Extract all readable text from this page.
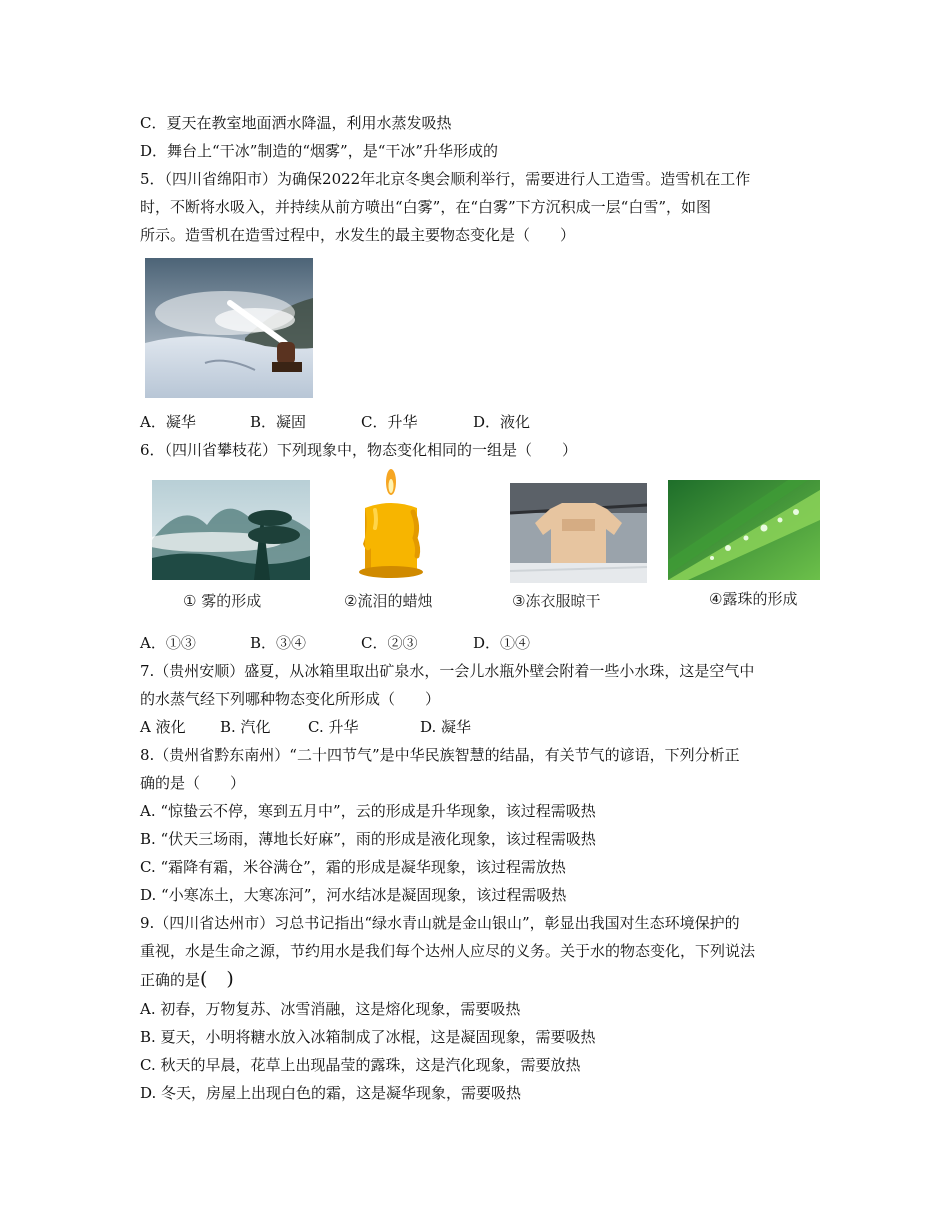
C．夏天在教室地面洒水降温，利用水蒸发吸热
D．舞台上“干冰”制造的“烟雾”，是“干冰”升华形成的
5．（四川省绵阳市）为确保2022年北京冬奥会顺利举行，需要进行人工造雪。造雪机在工作
时，不断将水吸入，并持续从前方喷出“白雾”，在“白雾”下方沉积成一层“白雪”，如图
所示。造雪机在造雪过程中，水发生的最主要物态变化是（　　）
A．凝华	B．凝固	C．升华	D．液化
6．（四川省攀枝花）下列现象中，物态变化相同的一组是（　　）
① 雾的形成	②流泪的蜡烛	③冻衣服晾干	④露珠的形成
A．①③	B．③④	C．②③	D．①④
7.（贵州安顺）盛夏，从冰箱里取出矿泉水，一会儿水瓶外壁会附着一些小水珠，这是空气中
的水蒸气经下列哪种物态变化所形成（　　）
A 液化 B. 汽化 C. 升华	D. 凝华
8.（贵州省黔东南州）“二十四节气”是中华民族智慧的结晶，有关节气的谚语，下列分析正
确的是（　　）
A. “惊蛰云不停，寒到五月中”，云的形成是升华现象，该过程需吸热
B. “伏天三场雨，薄地长好麻”，雨的形成是液化现象，该过程需吸热
C. “霜降有霜，米谷满仓”，霜的形成是凝华现象，该过程需放热
D. “小寒冻土，大寒冻河”，河水结冰是凝固现象，该过程需吸热
9.（四川省达州市）习总书记指出“绿水青山就是金山银山”，彰显出我国对生态环境保护的
重视，水是生命之源，节约用水是我们每个达州人应尽的义务。关于水的物态变化，下列说法
正确的是(　)
A. 初春，万物复苏、冰雪消融，这是熔化现象，需要吸热
B. 夏天，小明将糖水放入冰箱制成了冰棍，这是凝固现象，需要吸热
C. 秋天的早晨，花草上出现晶莹的露珠，这是汽化现象，需要放热
D. 冬天，房屋上出现白色的霜，这是凝华现象，需要吸热
